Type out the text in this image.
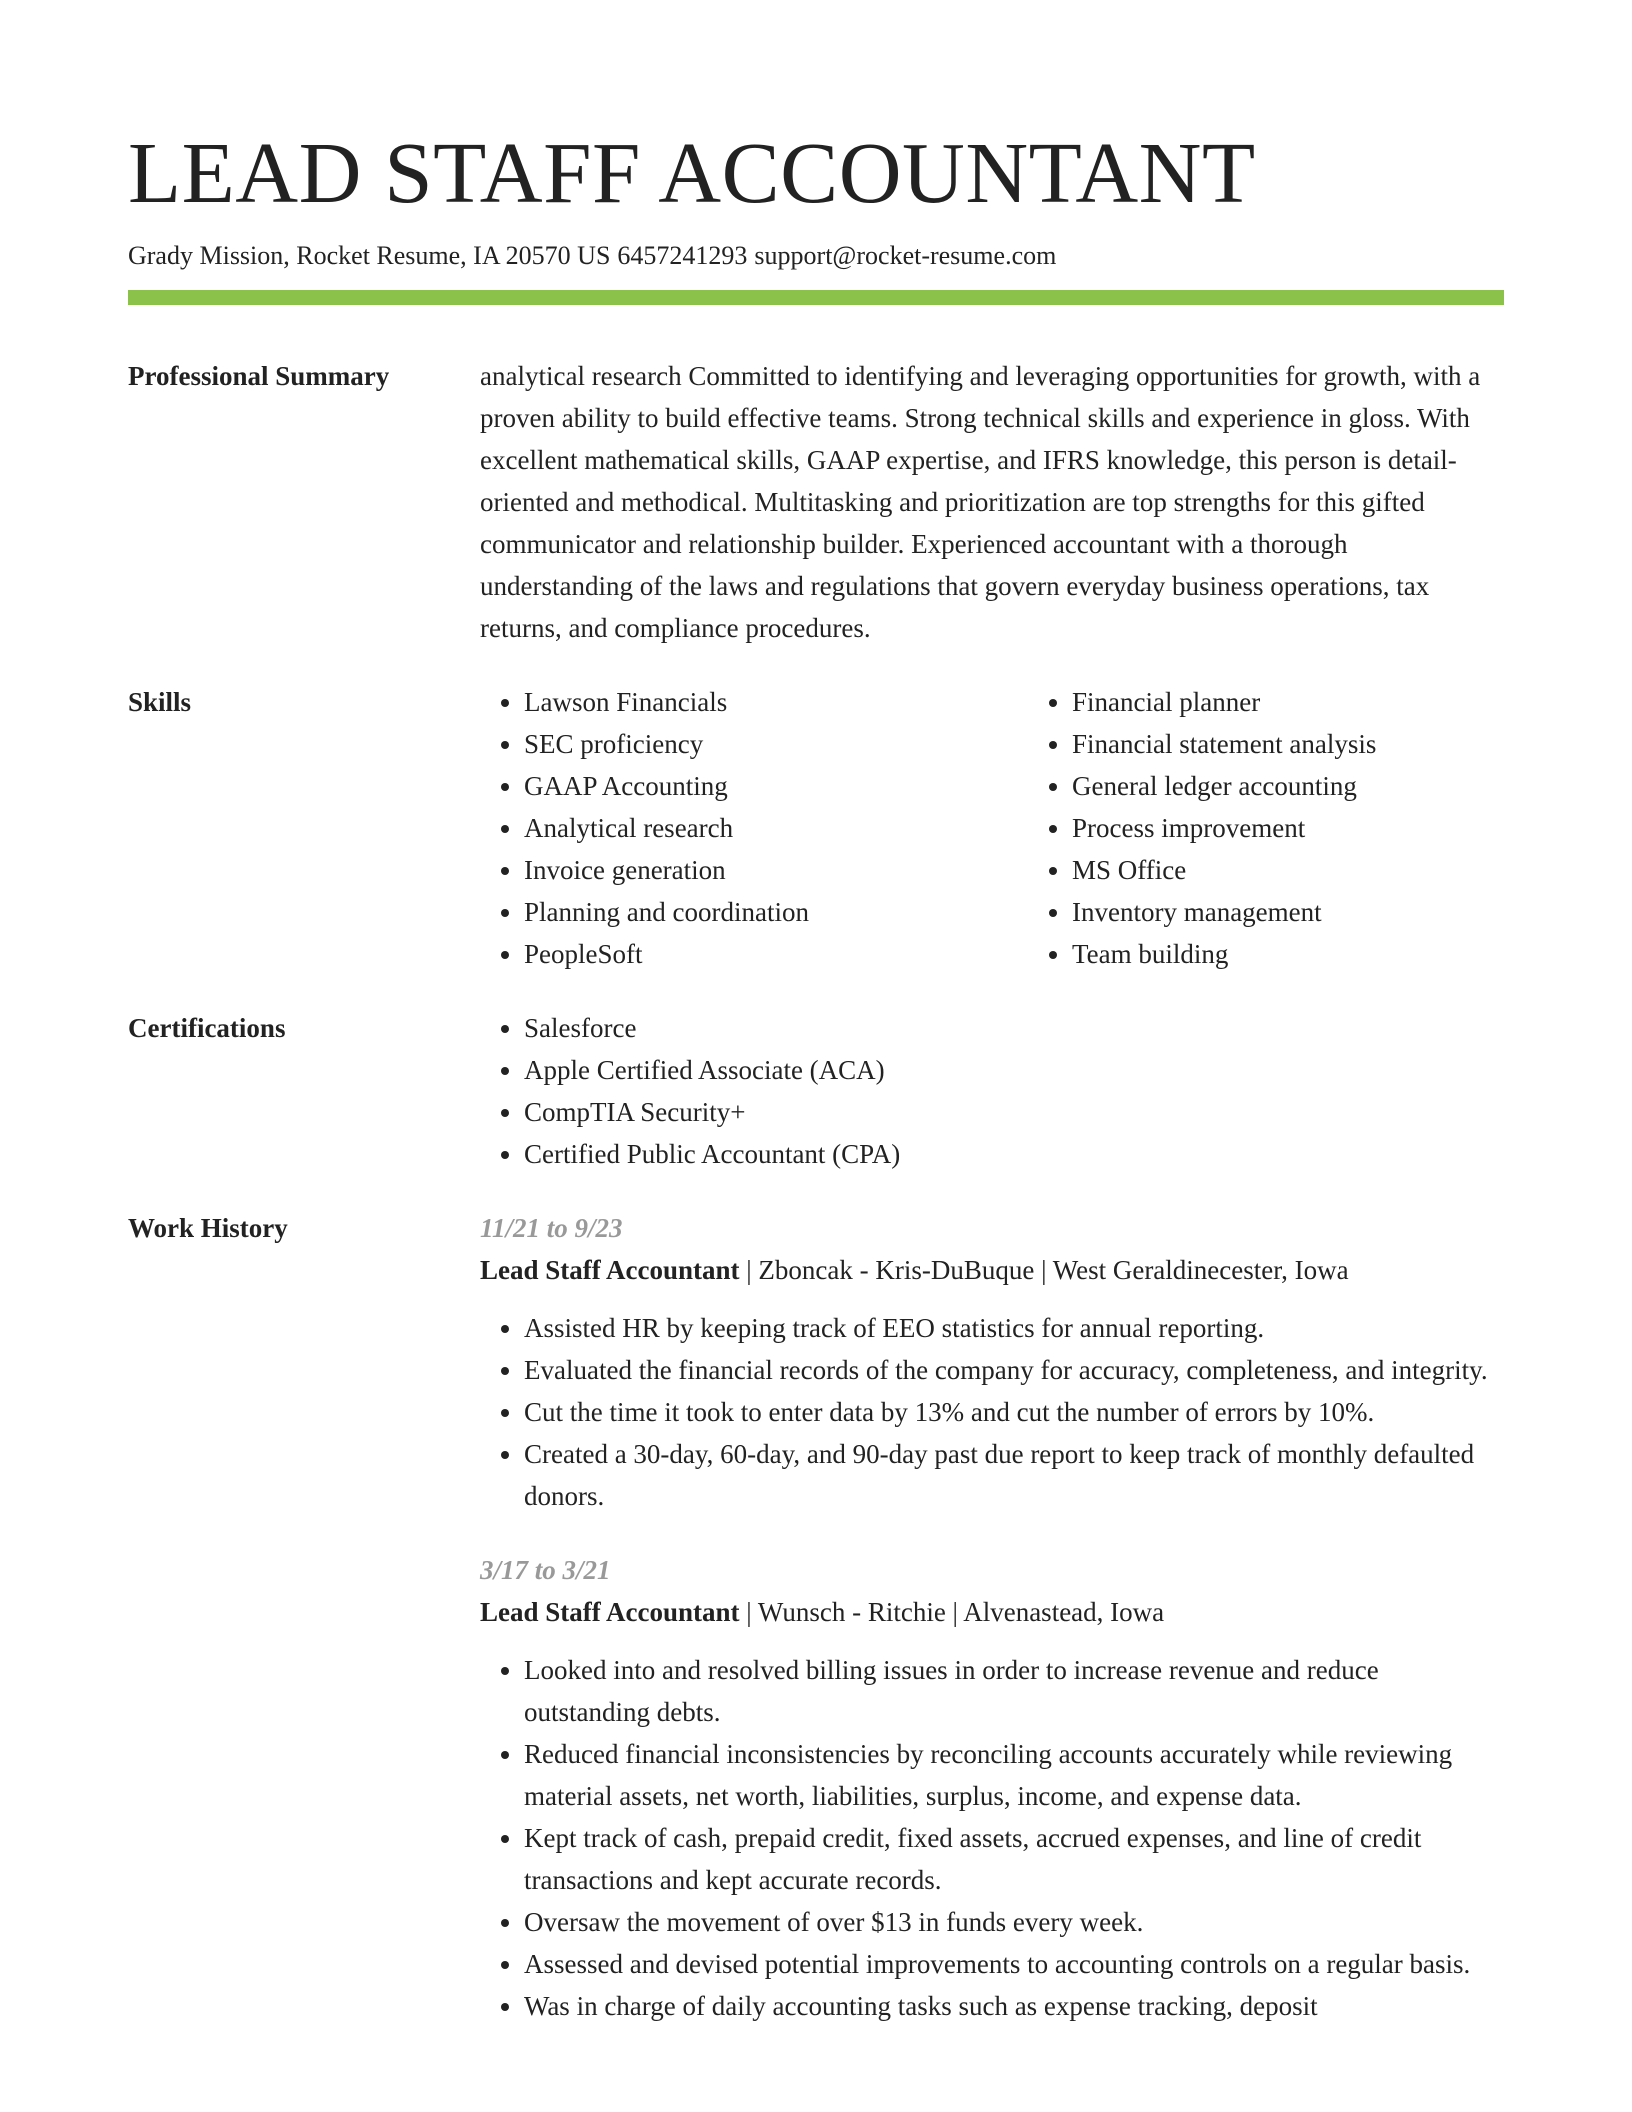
LEAD STAFF ACCOUNTANT
Grady Mission, Rocket Resume, IA 20570 US 6457241293 support@rocket-resume.com
Professional Summary	analytical research Committed to identifying and leveraging opportunities for growth, with a proven ability to build effective teams. Strong technical skills and experience in gloss. With excellent mathematical skills, GAAP expertise, and IFRS knowledge, this person is detail-oriented and methodical. Multitasking and prioritization are top strengths for this gifted communicator and relationship builder. Experienced accountant with a thorough understanding of the laws and regulations that govern everyday business operations, tax returns, and compliance procedures.

Skills	• Lawson Financials
• SEC proficiency
• GAAP Accounting
• Analytical research
• Invoice generation
• Planning and coordination
• PeopleSoft
• Financial planner
• Financial statement analysis
• General ledger accounting
• Process improvement
• MS Office
• Inventory management
• Team building
Certifications	• Salesforce
• Apple Certified Associate (ACA)
• CompTIA Security+
• Certified Public Accountant (CPA)
Work History	11/21 to 9/23
Lead Staff Accountant | Zboncak - Kris-DuBuque | West Geraldinecester, Iowa
• Assisted HR by keeping track of EEO statistics for annual reporting.
• Evaluated the financial records of the company for accuracy, completeness, and integrity.
• Cut the time it took to enter data by 13% and cut the number of errors by 10%.
• Created a 30-day, 60-day, and 90-day past due report to keep track of monthly defaulted donors.
3/17 to 3/21
Lead Staff Accountant | Wunsch - Ritchie | Alvenastead, Iowa
• Looked into and resolved billing issues in order to increase revenue and reduce outstanding debts.
• Reduced financial inconsistencies by reconciling accounts accurately while reviewing material assets, net worth, liabilities, surplus, income, and expense data.
• Kept track of cash, prepaid credit, fixed assets, accrued expenses, and line of credit transactions and kept accurate records.
• Oversaw the movement of over $13 in funds every week.
• Assessed and devised potential improvements to accounting controls on a regular basis.
• Was in charge of daily accounting tasks such as expense tracking, deposit
